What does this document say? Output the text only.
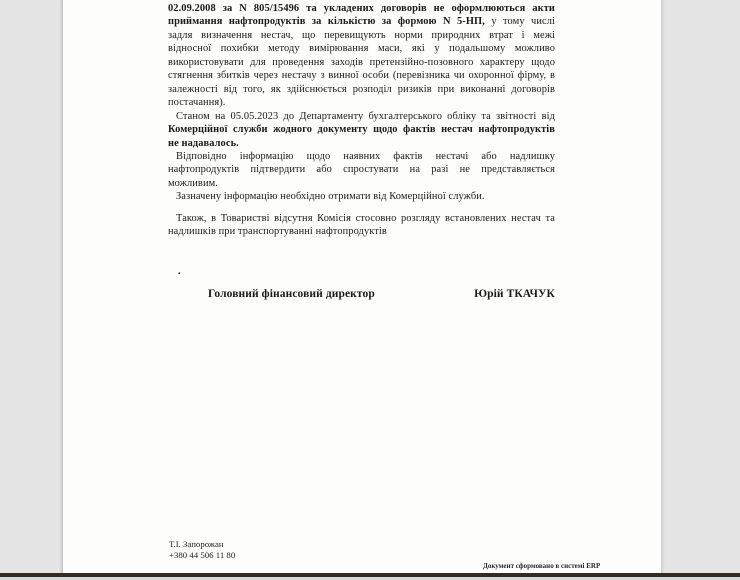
02.09.2008 за N 805/15496 та укладених договорів не оформлюються акти
приймання нафтопродуктів за кількістю за формою N 5-НП, у тому числі
задля визначення нестач, що перевищують норми природних втрат і межі
відносної похибки методу вимірювання маси, які у подальшому можливо
використовувати для проведення заходів претензійно-позовного характеру щодо
стягнення збитків через нестачу з винної особи (перевізника чи охоронної фірму, в
залежності від того, як здійснюється розподіл ризиків при виконанні договорів
постачання).
Станом на 05.05.2023 до Департаменту бухгалтерського обліку та звітності від
Комерційної служби жодного документу щодо фактів нестач нафтопродуктів
не надавалось.
Відповідно інформацію щодо наявних фактів нестачі або надлишку
нафтопродуктів підтвердити або спростувати на разі не представляється
можливим.
Зазначену інформацію необхідно отримати від Комерційної служби.
Також, в Товаристві відсутня Комісія стосовно розгляду встановлених нестач та
надлишків при транспортуванні нафтопродуктів
.
Головний фінансовий директор	Юрій ТКАЧУК
Т.І. Запорожан
+380 44 506 11 80
Документ сформовано в системі ERP
